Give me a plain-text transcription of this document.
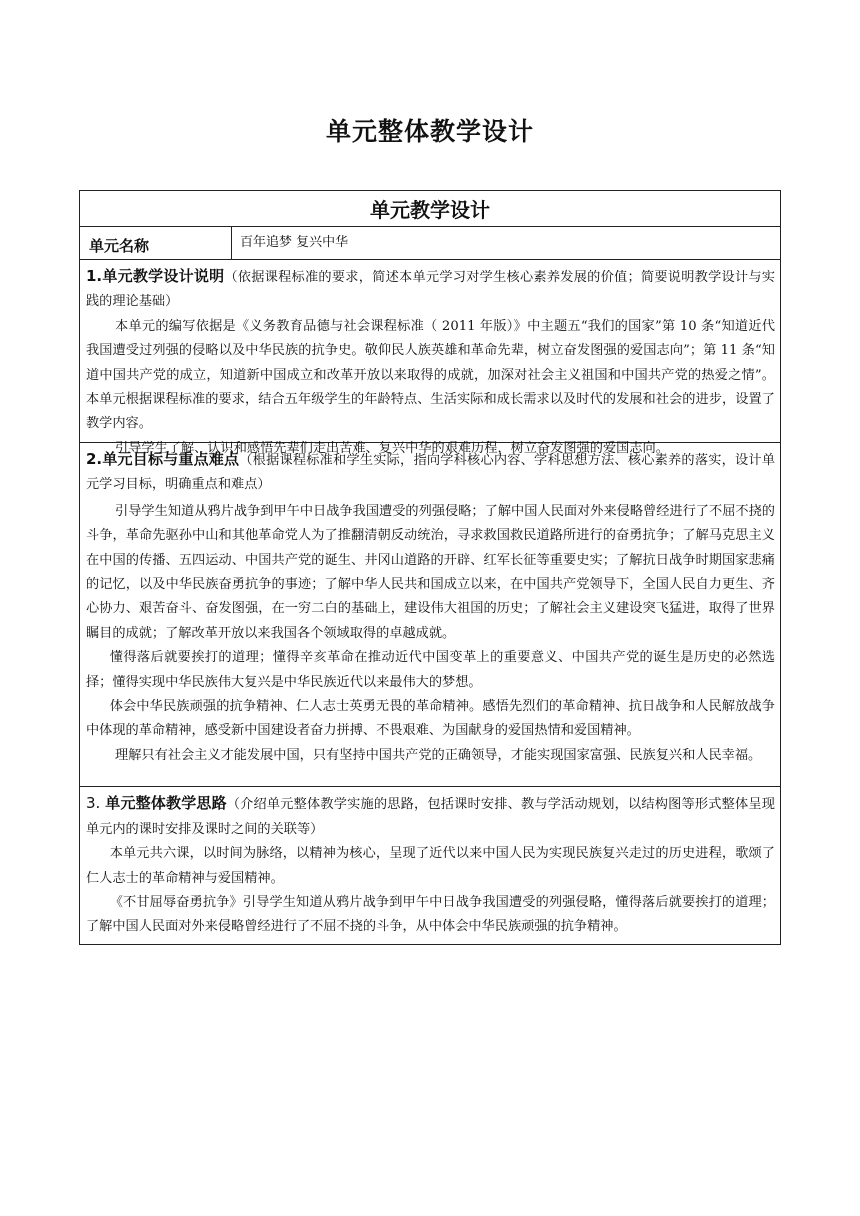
单元整体教学设计
单元教学设计
单元名称	百年追梦 复兴中华

1.单元教学设计说明（依据课程标准的要求，简述本单元学习对学生核心素养发展的价值；简要说明教学设计与实践的理论基础）

本单元的编写依据是《义务教育品德与社会课程标准（ 2011 年版）》中主题五“我们的国家”第 10 条“知道近代我国遭受过列强的侵略以及中华民族的抗争史。敬仰民人族英雄和革命先辈，树立奋发图强的爱国志向”；第 11 条“知道中国共产党的成立，知道新中国成立和改革开放以来取得的成就，加深对社会主义祖国和中国共产党的热爱之情”。本单元根据课程标准的要求，结合五年级学生的年龄特点、生活实际和成长需求以及时代的发展和社会的进步，设置了教学内容。

引导学生了解、认识和感悟先辈们走出苦难、复兴中华的艰难历程，树立奋发图强的爱国志向。

2.单元目标与重点难点（根据课程标准和学生实际，指向学科核心内容、学科思想方法、核心素养的落实，设计单元学习目标，明确重点和难点）

引导学生知道从鸦片战争到甲午中日战争我国遭受的列强侵略；了解中国人民面对外来侵略曾经进行了不屈不挠的斗争，革命先驱孙中山和其他革命党人为了推翻清朝反动统治，寻求救国救民道路所进行的奋勇抗争；了解马克思主义在中国的传播、五四运动、中国共产党的诞生、井冈山道路的开辟、红军长征等重要史实；了解抗日战争时期国家悲痛的记忆，以及中华民族奋勇抗争的事迹；了解中华人民共和国成立以来，在中国共产党领导下，全国人民自力更生、齐心协力、艰苦奋斗、奋发图强，在一穷二白的基础上，建设伟大祖国的历史；了解社会主义建设突飞猛进，取得了世界瞩目的成就；了解改革开放以来我国各个领域取得的卓越成就。

懂得落后就要挨打的道理；懂得辛亥革命在推动近代中国变革上的重要意义、中国共产党的诞生是历史的必然选择；懂得实现中华民族伟大复兴是中华民族近代以来最伟大的梦想。

体会中华民族顽强的抗争精神、仁人志士英勇无畏的革命精神。感悟先烈们的革命精神、抗日战争和人民解放战争中体现的革命精神，感受新中国建设者奋力拼搏、不畏艰难、为国献身的爱国热情和爱国精神。

理解只有社会主义才能发展中国，只有坚持中国共产党的正确领导，才能实现国家富强、民族复兴和人民幸福。

3. 单元整体教学思路（介绍单元整体教学实施的思路，包括课时安排、教与学活动规划，以结构图等形式整体呈现单元内的课时安排及课时之间的关联等）

本单元共六课，以时间为脉络，以精神为核心，呈现了近代以来中国人民为实现民族复兴走过的历史进程，歌颂了仁人志士的革命精神与爱国精神。

《不甘屈辱奋勇抗争》引导学生知道从鸦片战争到甲午中日战争我国遭受的列强侵略，懂得落后就要挨打的道理；了解中国人民面对外来侵略曾经进行了不屈不挠的斗争，从中体会中华民族顽强的抗争精神。
